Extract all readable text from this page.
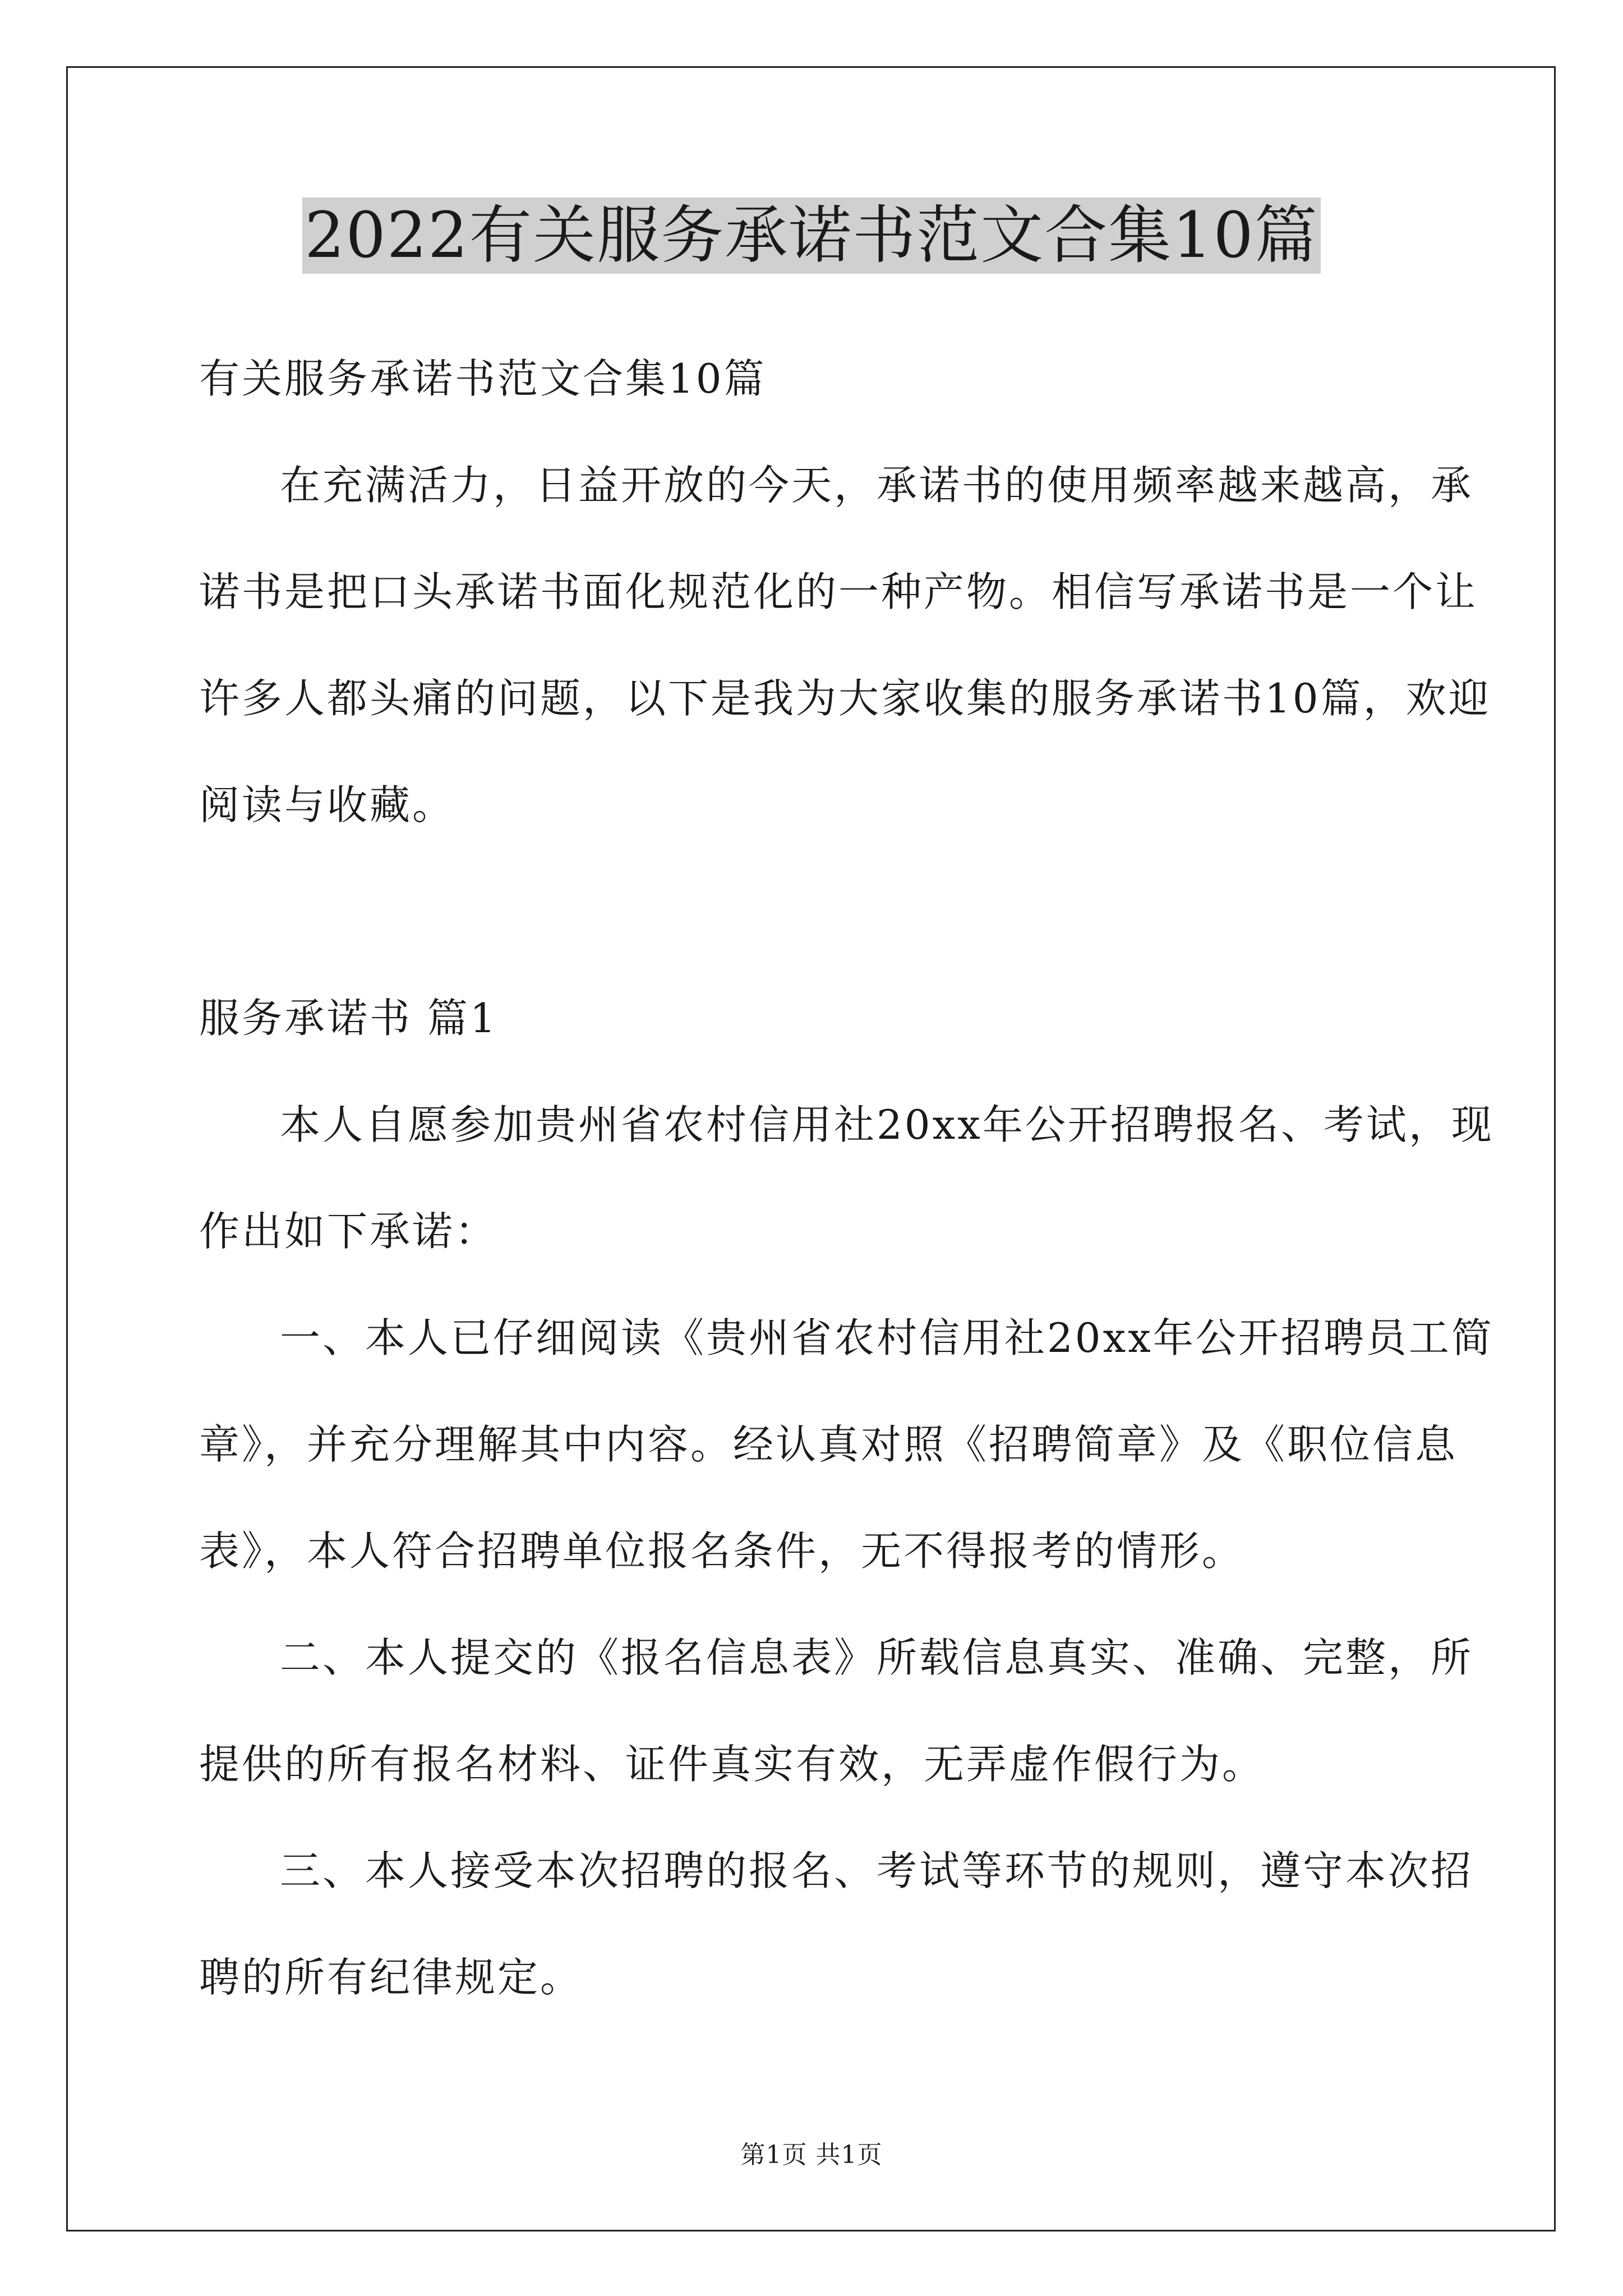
2022有关服务承诺书范文合集10篇
有关服务承诺书范文合集10篇
在充满活力，日益开放的今天，承诺书的使用频率越来越高，承
诺书是把口头承诺书面化规范化的一种产物。相信写承诺书是一个让
许多人都头痛的问题，以下是我为大家收集的服务承诺书10篇，欢迎
阅读与收藏。
服务承诺书 篇1
本人自愿参加贵州省农村信用社20xx年公开招聘报名、考试，现
作出如下承诺：
一、本人已仔细阅读《贵州省农村信用社20xx年公开招聘员工简
章》，并充分理解其中内容。经认真对照《招聘简章》及《职位信息
表》，本人符合招聘单位报名条件，无不得报考的情形。
二、本人提交的《报名信息表》所载信息真实、准确、完整，所
提供的所有报名材料、证件真实有效，无弄虚作假行为。
三、本人接受本次招聘的报名、考试等环节的规则，遵守本次招
聘的所有纪律规定。
第1页 共1页
